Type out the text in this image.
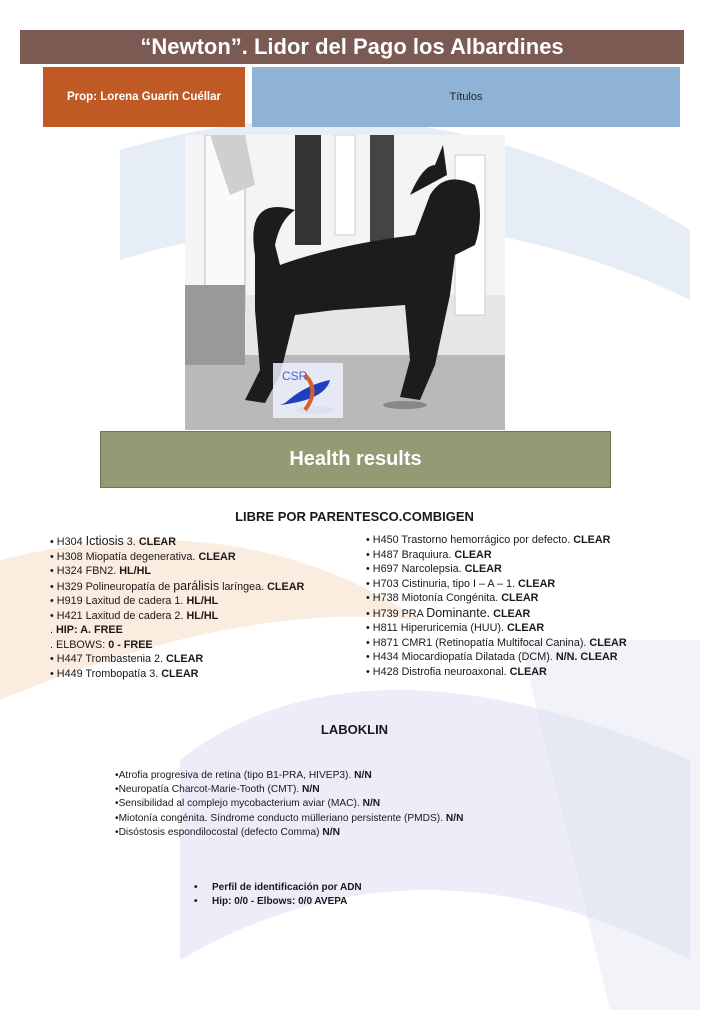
“Newton”. Lidor del Pago los Albardines
Prop: Lorena Guarín Cuéllar	Títulos
CSR
Health results
LIBRE POR PARENTESCO.COMBIGEN
• H304 Ictiosis 3. CLEAR
• H308 Miopatía degenerativa. CLEAR
• H324 FBN2. HL/HL
• H329 Polineuropatía de parálisis laríngea. CLEAR
• H919 Laxitud de cadera 1. HL/HL
• H421 Laxitud de cadera 2. HL/HL
. HIP: A. FREE
. ELBOWS: 0 - FREE
• H447 Trombastenia 2. CLEAR
• H449 Trombopatía 3. CLEAR
• H450 Trastorno hemorrágico por defecto. CLEAR
• H487 Braquiura. CLEAR
• H697 Narcolepsia. CLEAR
• H703 Cistinuria, tipo I – A – 1. CLEAR
• H738 Miotonía Congénita. CLEAR
• H739 PRA Dominante. CLEAR
• H811 Hiperuricemia (HUU). CLEAR
• H871 CMR1 (Retinopatía Multifocal Canina). CLEAR
• H434 Miocardiopatía Dilatada (DCM). N/N. CLEAR
• H428 Distrofia neuroaxonal. CLEAR
LABOKLIN
•Atrofia progresiva de retina (tipo B1-PRA, HIVEP3). N/N
•Neuropatía Charcot-Marie-Tooth (CMT). N/N
•Sensibilidad al complejo mycobacterium aviar (MAC). N/N
•Miotonía congénita. Síndrome conducto mülleriano persistente (PMDS). N/N
•Disóstosis espondilocostal (defecto Comma) N/N
• Perfil de identificación por ADN
• Hip: 0/0 - Elbows: 0/0 AVEPA
